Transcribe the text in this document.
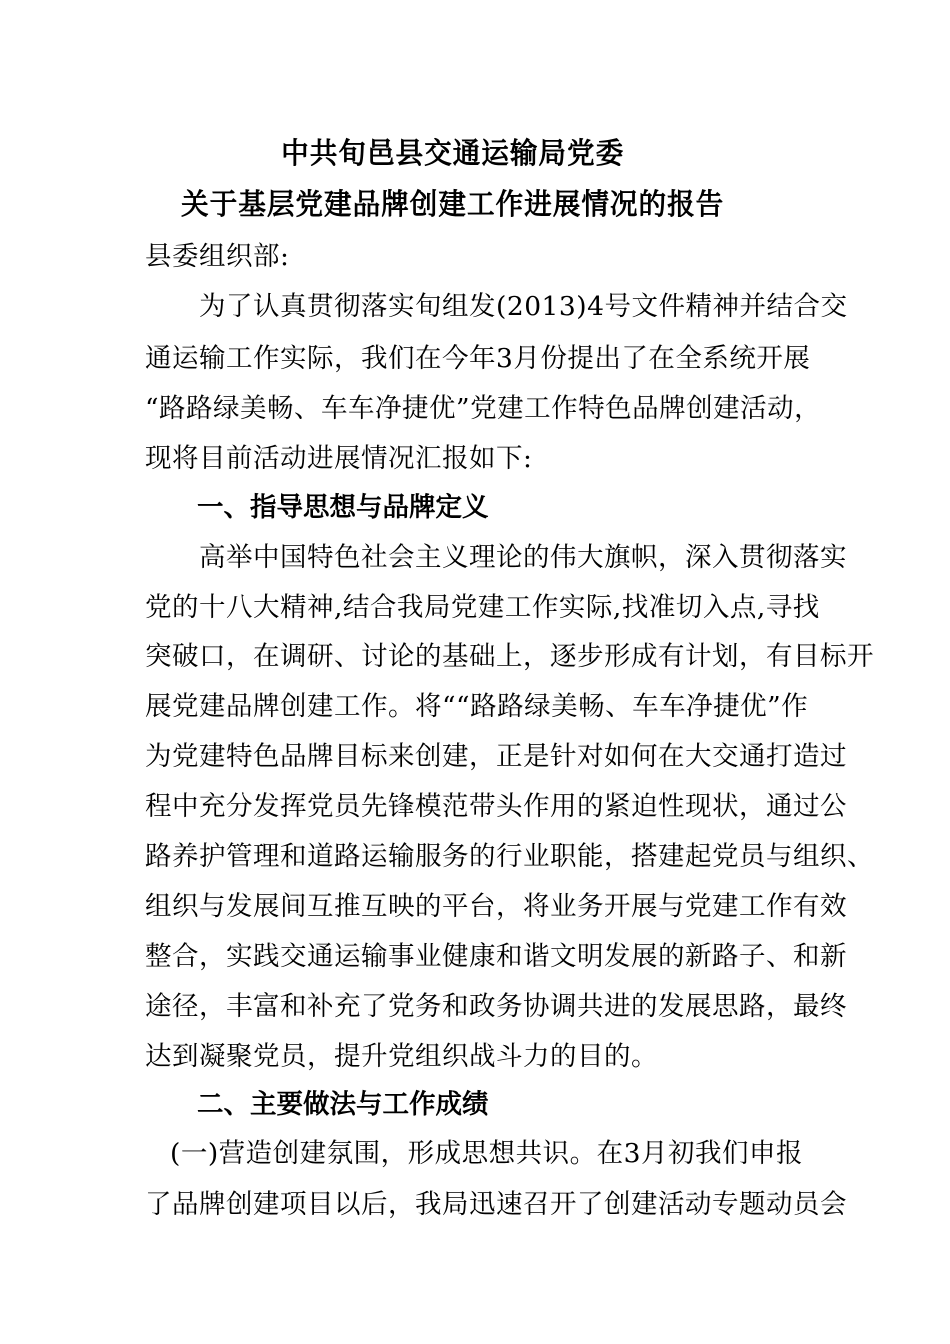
中共旬邑县交通运输局党委
关于基层党建品牌创建工作进展情况的报告
县委组织部:
为了认真贯彻落实旬组发(2013)4号文件精神并结合交
通运输工作实际，我们在今年3月份提出了在全系统开展
“路路绿美畅、车车净捷优”党建工作特色品牌创建活动，
现将目前活动进展情况汇报如下:
一、指导思想与品牌定义
高举中国特色社会主义理论的伟大旗帜，深入贯彻落实
党的十八大精神,结合我局党建工作实际,找准切入点,寻找
突破口，在调研、讨论的基础上，逐步形成有计划，有目标开
展党建品牌创建工作。将““路路绿美畅、车车净捷优”作
为党建特色品牌目标来创建，正是针对如何在大交通打造过
程中充分发挥党员先锋模范带头作用的紧迫性现状，通过公
路养护管理和道路运输服务的行业职能，搭建起党员与组织、
组织与发展间互推互映的平台，将业务开展与党建工作有效
整合，实践交通运输事业健康和谐文明发展的新路子、和新
途径，丰富和补充了党务和政务协调共进的发展思路，最终
达到凝聚党员，提升党组织战斗力的目的。
二、主要做法与工作成绩
(一)营造创建氛围，形成思想共识。在3月初我们申报
了品牌创建项目以后，我局迅速召开了创建活动专题动员会
